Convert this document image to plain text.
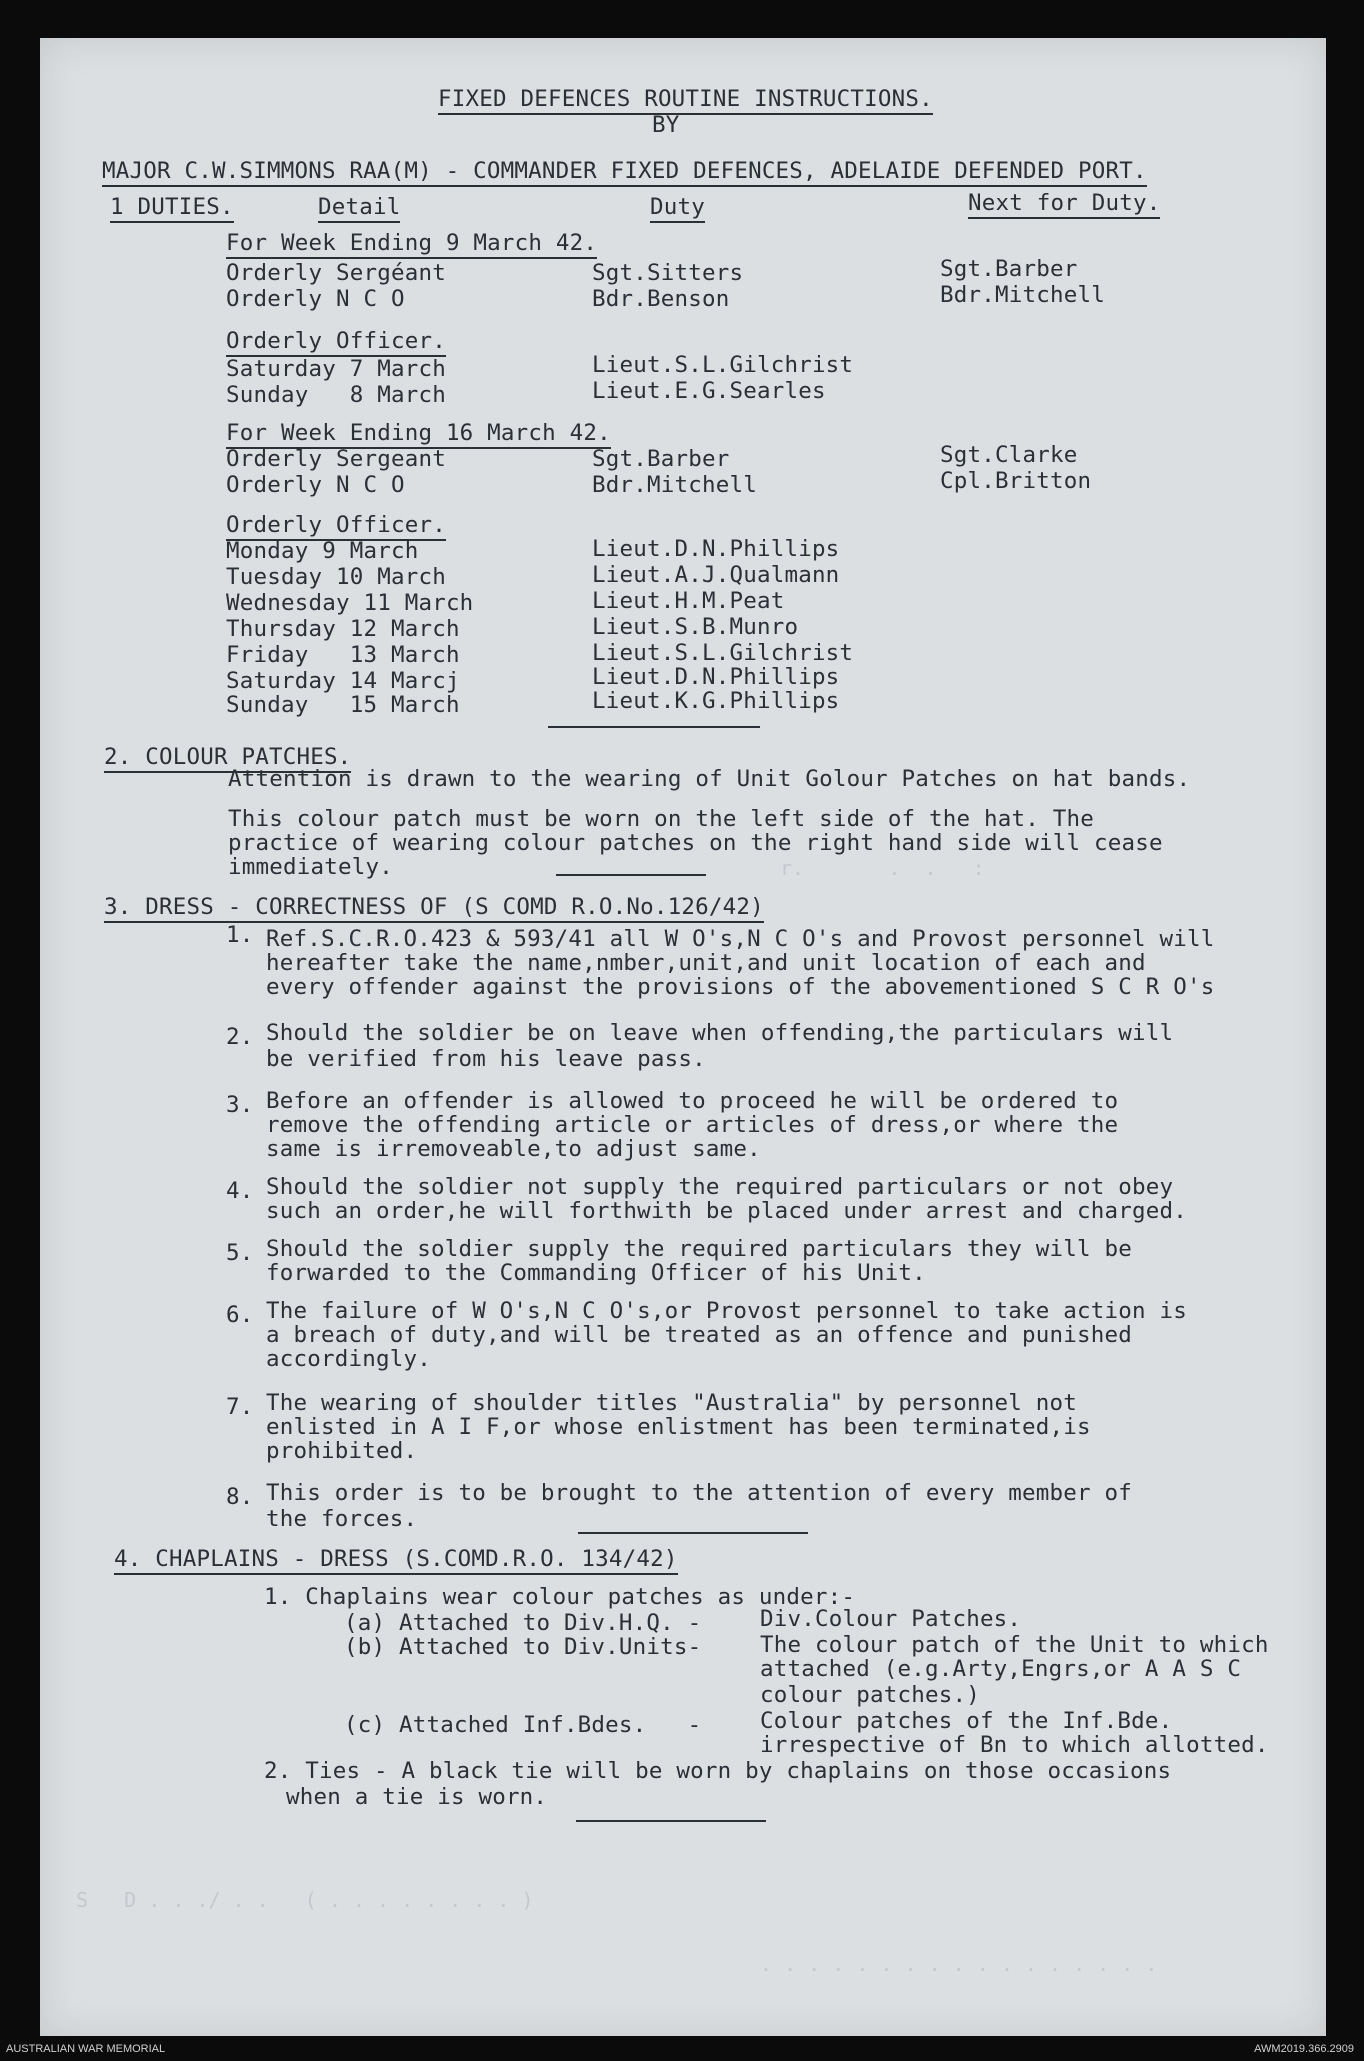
FIXED DEFENCES ROUTINE INSTRUCTIONS.
BY
MAJOR C.W.SIMMONS RAA(M) - COMMANDER FIXED DEFENCES, ADELAIDE DEFENDED PORT.
1 DUTIES.	Detail	Duty	Next for Duty.
For Week Ending 9 March 42.
Orderly Sergéant	Sgt.Sitters	Sgt.Barber
Orderly N C O	Bdr.Benson	Bdr.Mitchell
Orderly Officer.
Saturday 7 March	Lieut.S.L.Gilchrist
Sunday   8 March	Lieut.E.G.Searles
For Week Ending 16 March 42.
Orderly Sergeant	Sgt.Barber	Sgt.Clarke
Orderly N C O	Bdr.Mitchell	Cpl.Britton
Orderly Officer.
Monday 9 March	Lieut.D.N.Phillips
Tuesday 10 March	Lieut.A.J.Qualmann
Wednesday 11 March	Lieut.H.M.Peat
Thursday 12 March	Lieut.S.B.Munro
Friday   13 March	Lieut.S.L.Gilchrist
Saturday 14 Marcj	Lieut.D.N.Phillips
Sunday   15 March	Lieut.K.G.Phillips
2. COLOUR PATCHES.
Attention is drawn to the wearing of Unit Golour Patches on hat bands.
This colour patch must be worn on the left side of the hat. The
practice of wearing colour patches on the right hand side will cease
immediately.	r.       .  .   :
3. DRESS - CORRECTNESS OF (S COMD R.O.No.126/42)
1. Ref.S.C.R.O.423 & 593/41 all W O's,N C O's and Provost personnel will
hereafter take the name,nmber,unit,and unit location of each and
every offender against the provisions of the abovementioned S C R O's
2. Should the soldier be on leave when offending,the particulars will
be verified from his leave pass.
3. Before an offender is allowed to proceed he will be ordered to
remove the offending article or articles of dress,or where the
same is irremoveable,to adjust same.
4. Should the soldier not supply the required particulars or not obey
such an order,he will forthwith be placed under arrest and charged.
5. Should the soldier supply the required particulars they will be
forwarded to the Commanding Officer of his Unit.
6. The failure of W O's,N C O's,or Provost personnel to take action is
a breach of duty,and will be treated as an offence and punished
accordingly.
7. The wearing of shoulder titles "Australia" by personnel not
enlisted in A I F,or whose enlistment has been terminated,is
prohibited.
8. This order is to be brought to the attention of every member of
the forces.
4. CHAPLAINS - DRESS (S.COMD.R.O. 134/42)
1. Chaplains wear colour patches as under:-
(a) Attached to Div.H.Q. -	Div.Colour Patches.
(b) Attached to Div.Units-	The colour patch of the Unit to which
attached (e.g.Arty,Engrs,or A A S C
colour patches.)
(c) Attached Inf.Bdes.   -	Colour patches of the Inf.Bde.
irrespective of Bn to which allotted.
2. Ties - A black tie will be worn by chaplains on those occasions
when a tie is worn.
S   D . . ./ . .   ( . . . . . . . . )
. . . . . . . . . . . . . . . . .
AUSTRALIAN WAR MEMORIAL	AWM2019.366.2909
